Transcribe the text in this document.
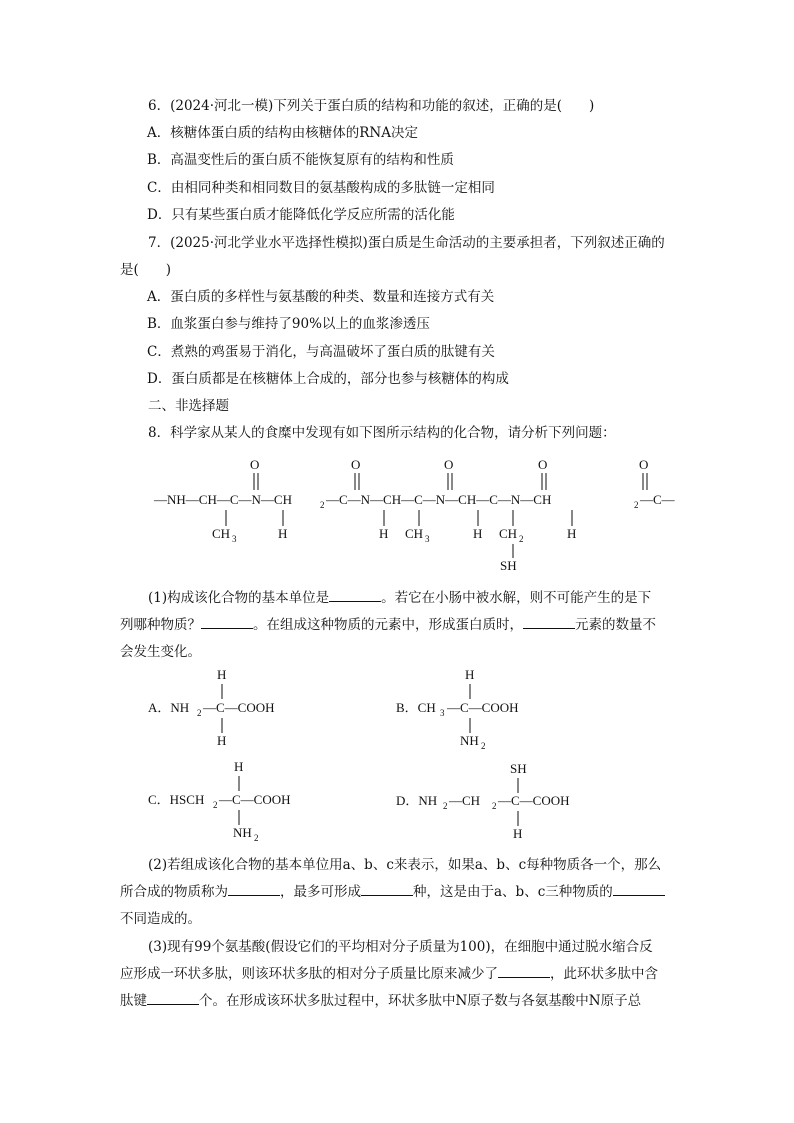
6．(2024·河北一模)下列关于蛋白质的结构和功能的叙述，正确的是(　　)
A．核糖体蛋白质的结构由核糖体的RNA决定
B．高温变性后的蛋白质不能恢复原有的结构和性质
C．由相同种类和相同数目的氨基酸构成的多肽链一定相同
D．只有某些蛋白质才能降低化学反应所需的活化能
7．(2025·河北学业水平选择性模拟)蛋白质是生命活动的主要承担者，下列叙述正确的
是(　　)
A．蛋白质的多样性与氨基酸的种类、数量和连接方式有关
B．血浆蛋白参与维持了90%以上的血浆渗透压
C．煮熟的鸡蛋易于消化，与高温破坏了蛋白质的肽键有关
D．蛋白质都是在核糖体上合成的，部分也参与核糖体的构成
二、非选择题
8．科学家从某人的食糜中发现有如下图所示结构的化合物，请分析下列问题：
O	O	O	O	O
—NH—CH—C—N—CH	2 —C—N—CH—C—N—CH—C—N—CH	2 —C—
CH 3	H	H CH 3	H CH 2
SH
H
(1)构成该化合物的基本单位是	。若它在小肠中被水解，则不可能产生的是下
列哪种物质？	。在组成这种物质的元素中，形成蛋白质时，	元素的数量不
会发生变化。
H
A．NH 2 —C—COOH
H
H
B．CH 3 —C—COOH
NH 2
H
C．HSCH 2 —C—COOH
NH 2
SH
D．NH 2 —CH 2 —C—COOH
H
(2)若组成该化合物的基本单位用a、b、c来表示，如果a、b、c每种物质各一个，那么
所合成的物质称为	，最多可形成	种，这是由于a、b、c三种物质的
不同造成的。
(3)现有99个氨基酸(假设它们的平均相对分子质量为100)，在细胞中通过脱水缩合反
应形成一环状多肽，则该环状多肽的相对分子质量比原来减少了	，此环状多肽中含
肽键	个。在形成该环状多肽过程中，环状多肽中N原子数与各氨基酸中N原子总
